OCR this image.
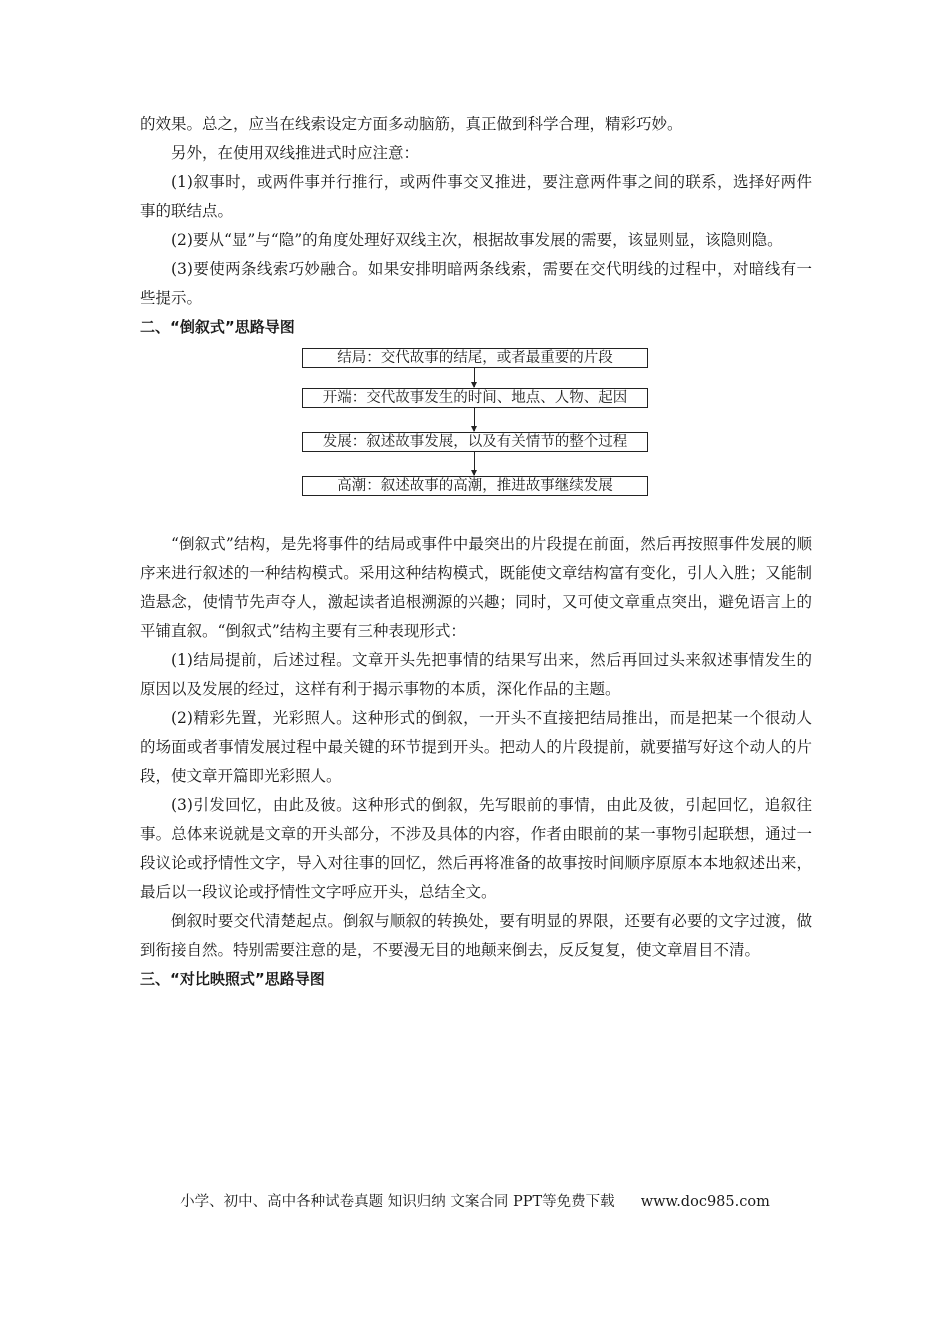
的效果。总之，应当在线索设定方面多动脑筋，真正做到科学合理，精彩巧妙。

另外，在使用双线推进式时应注意：

(1)叙事时，或两件事并行推行，或两件事交叉推进，要注意两件事之间的联系，选择好两件事的联结点。

(2)要从“显”与“隐”的角度处理好双线主次，根据故事发展的需要，该显则显，该隐则隐。

(3)要使两条线索巧妙融合。如果安排明暗两条线索，需要在交代明线的过程中，对暗线有一些提示。

二、“倒叙式”思路导图

结局：交代故事的结尾，或者最重要的片段
开端：交代故事发生的时间、地点、人物、起因
发展：叙述故事发展，以及有关情节的整个过程
高潮：叙述故事的高潮，推进故事继续发展

“倒叙式”结构，是先将事件的结局或事件中最突出的片段提在前面，然后再按照事件发展的顺序来进行叙述的一种结构模式。采用这种结构模式，既能使文章结构富有变化，引人入胜；又能制造悬念，使情节先声夺人，激起读者追根溯源的兴趣；同时，又可使文章重点突出，避免语言上的平铺直叙。“倒叙式”结构主要有三种表现形式：

(1)结局提前，后述过程。文章开头先把事情的结果写出来，然后再回过头来叙述事情发生的原因以及发展的经过，这样有利于揭示事物的本质，深化作品的主题。

(2)精彩先置，光彩照人。这种形式的倒叙，一开头不直接把结局推出，而是把某一个很动人的场面或者事情发展过程中最关键的环节提到开头。把动人的片段提前，就要描写好这个动人的片段，使文章开篇即光彩照人。

(3)引发回忆，由此及彼。这种形式的倒叙，先写眼前的事情，由此及彼，引起回忆，追叙往事。总体来说就是文章的开头部分，不涉及具体的内容，作者由眼前的某一事物引起联想，通过一段议论或抒情性文字，导入对往事的回忆，然后再将准备的故事按时间顺序原原本本地叙述出来，最后以一段议论或抒情性文字呼应开头，总结全文。

倒叙时要交代清楚起点。倒叙与顺叙的转换处，要有明显的界限，还要有必要的文字过渡，做到衔接自然。特别需要注意的是，不要漫无目的地颠来倒去，反反复复，使文章眉目不清。

三、“对比映照式”思路导图

小学、初中、高中各种试卷真题 知识归纳 文案合同 PPT等免费下载 www.doc985.com
